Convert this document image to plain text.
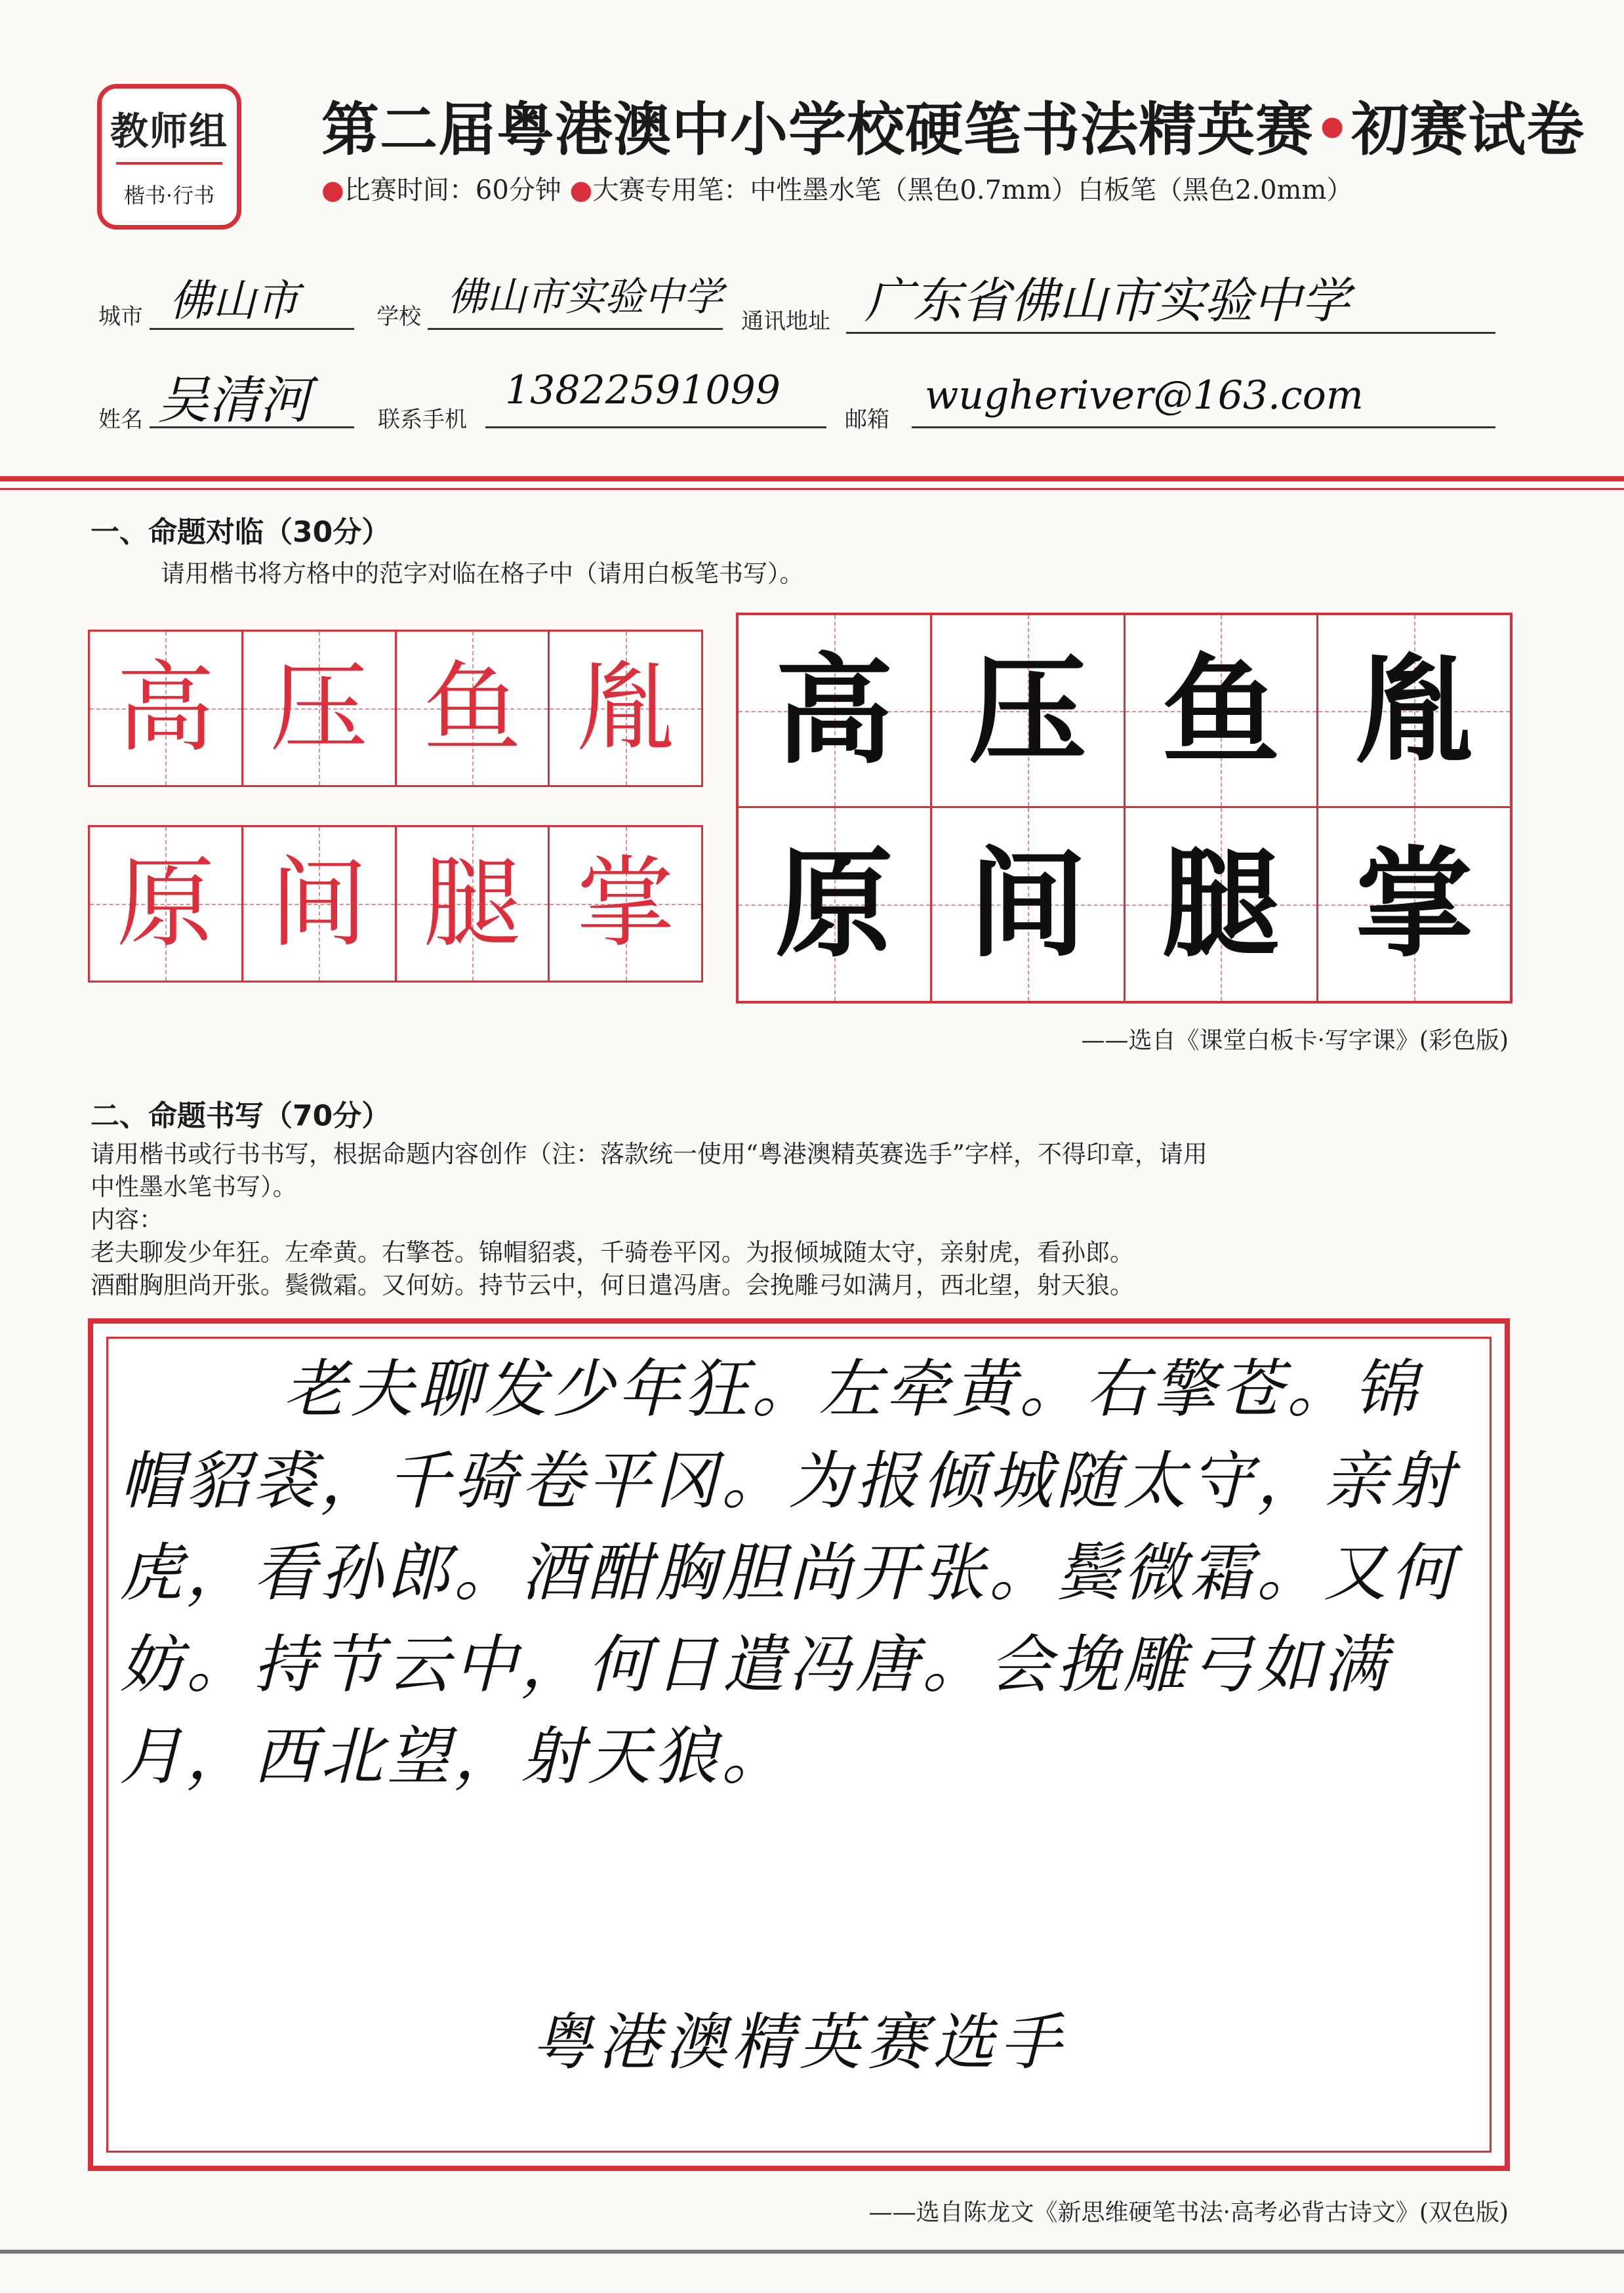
教师组
楷书·行书
第二届粤港澳中小学校硬笔书法精英赛•初赛试卷
●比赛时间：60分钟 ●大赛专用笔：中性墨水笔（黑色0.7mm）白板笔（黑色2.0mm）
城市 佛山市	学校 佛山市实验中学
通讯地址 广东省佛山市实验中学
姓名 吴清河	联系手机
13822591099
邮箱
wugheriver@163.com
一、命题对临（30分）
请用楷书将方格中的范字对临在格子中（请用白板笔书写）。
高 压 鱼 胤
原 间 腿 掌
高 压 鱼 胤
原 间 腿 掌
——选自《课堂白板卡·写字课》(彩色版)
二、命题书写（70分）
请用楷书或行书书写，根据命题内容创作（注：落款统一使用“粤港澳精英赛选手”字样，不得印章，请用
中性墨水笔书写）。
内容：
老夫聊发少年狂。左牵黄。右擎苍。锦帽貂裘，千骑卷平冈。为报倾城随太守，亲射虎，看孙郎。
酒酣胸胆尚开张。鬓微霜。又何妨。持节云中，何日遣冯唐。会挽雕弓如满月，西北望，射天狼。
老夫聊发少年狂。左牵黄。右擎苍。锦帽貂裘，千骑卷平冈。为报倾城随太守，亲射虎，看孙郎。酒酣胸胆尚开张。鬓微霜。又何妨。持节云中，何日遣冯唐。会挽雕弓如满月，西北望，射天狼。
粤港澳精英赛选手
——选自陈龙文《新思维硬笔书法·高考必背古诗文》(双色版)
